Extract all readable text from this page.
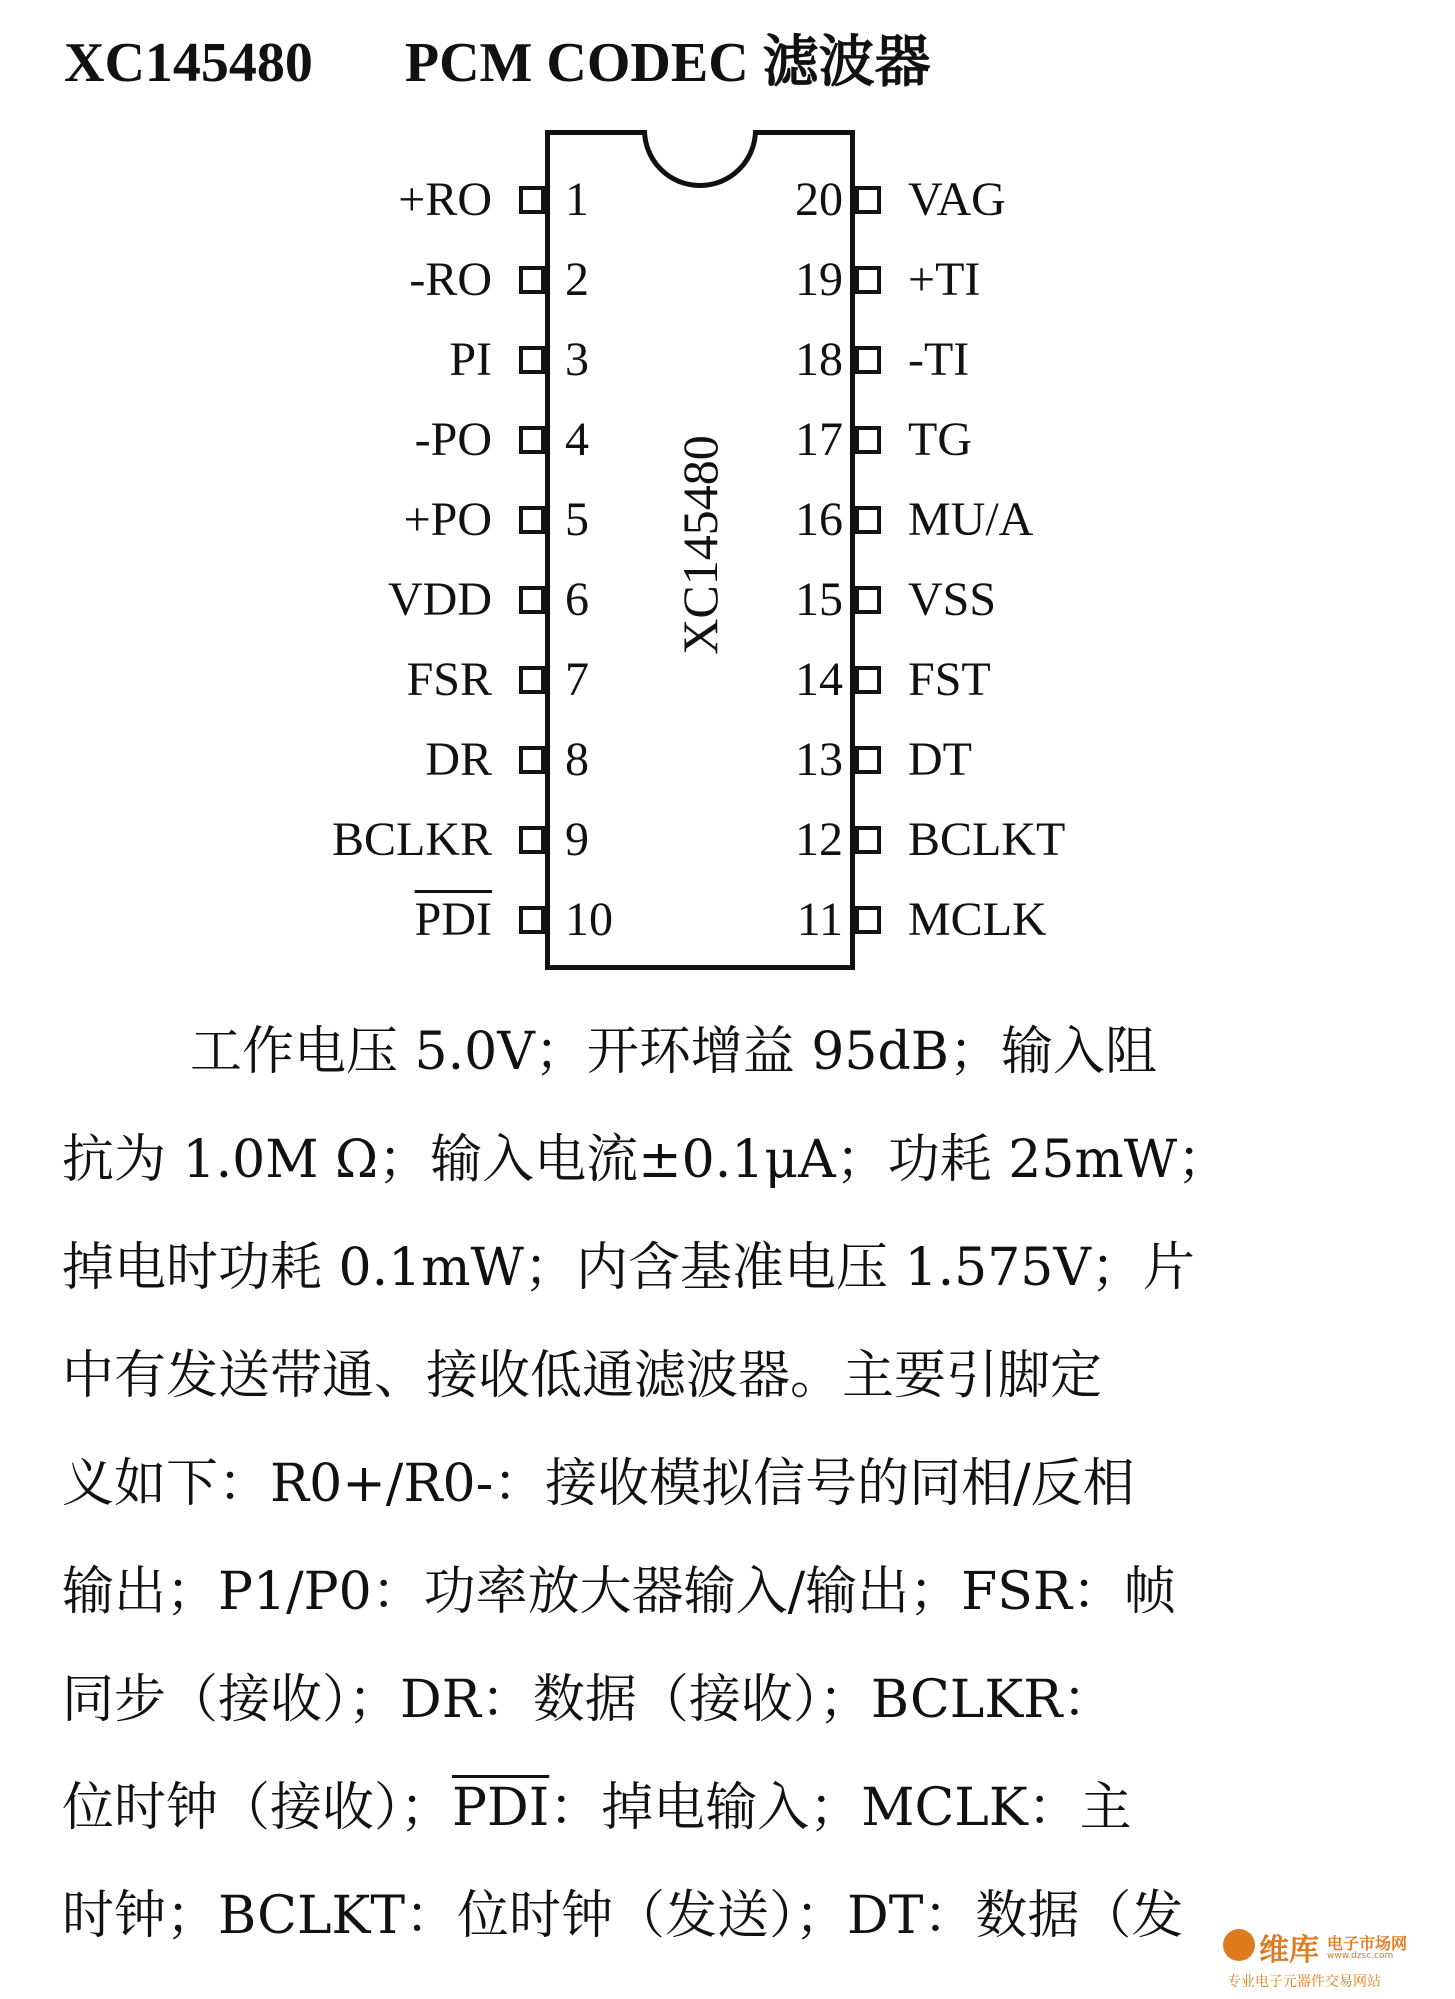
XC145480 PCM CODEC 滤波器
XC145480
+RO 1
-RO 2
PI 3
-PO 4
+PO 5
VDD 6
FSR 7
DR 8
BCLKR 9
$\overline{PDI}$ 10
VAG
20
+TI
19
-TI
18
TG
17
MU/A
16
VSS
15
FST
14
DT
13
BCLKT
12
MCLK
11
工作电压 5.0V；开环增益 95dB；输入阻
抗为 1.0M Ω；输入电流±0.1μA；功耗 25mW；
掉电时功耗 0.1mW；内含基准电压 1.575V；片
中有发送带通、接收低通滤波器。主要引脚定
义如下：R0+/R0-：接收模拟信号的同相/反相
输出；P1/P0：功率放大器输入/输出；FSR：帧
同步（接收）；DR：数据（接收）；BCLKR：
位时钟（接收）；$\overline{PDI}$：掉电输入；MCLK：主
时钟；BCLKT：位时钟（发送）；DT：数据（发
维库 电子市场网
www.dzsc.com
专业电子元器件交易网站
